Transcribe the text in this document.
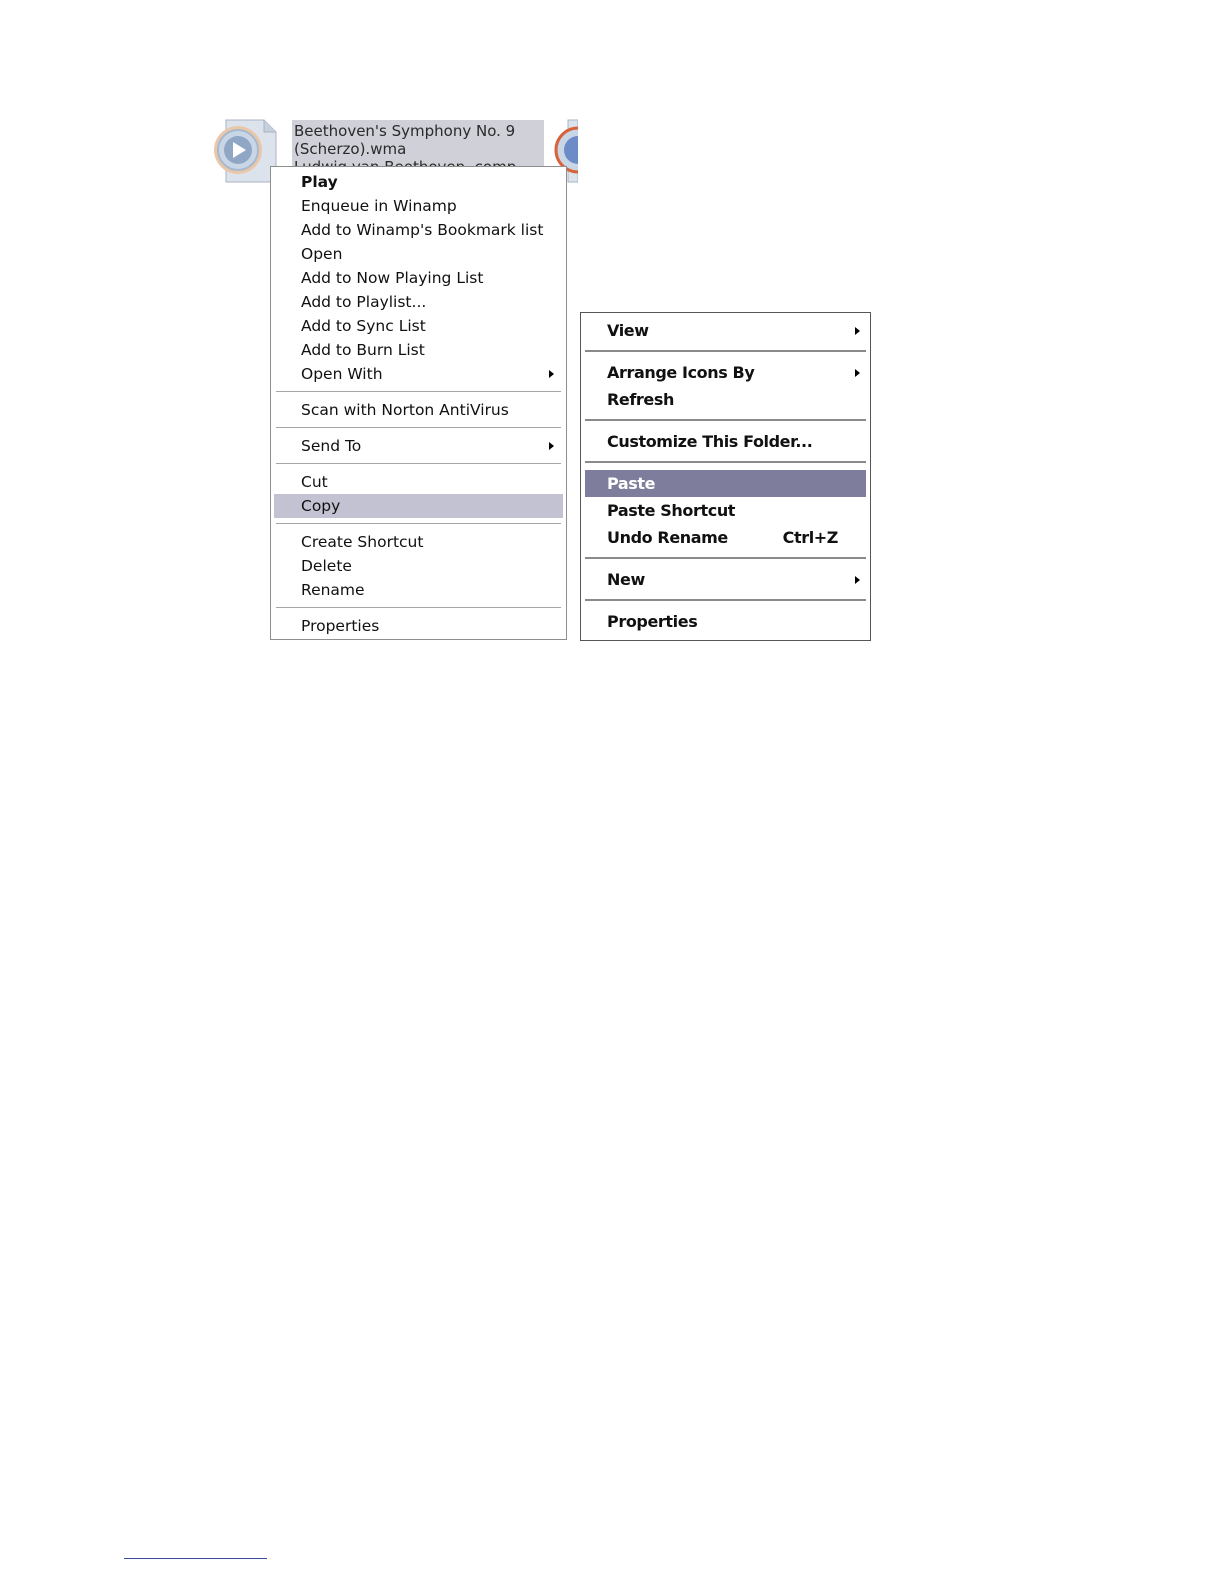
Beethoven's Symphony No. 9
(Scherzo).wma
Play
Enqueue in Winamp
Add to Winamp's Bookmark list
Open
Add to Now Playing List
Add to Playlist...
Add to Sync List
Add to Burn List
Open With
Scan with Norton AntiVirus
Send To
Cut
Copy
Create Shortcut
Delete
Rename
Properties
View
Arrange Icons By
Refresh
Customize This Folder...
Paste
Paste Shortcut
Undo Rename	Ctrl+Z
New
Properties
